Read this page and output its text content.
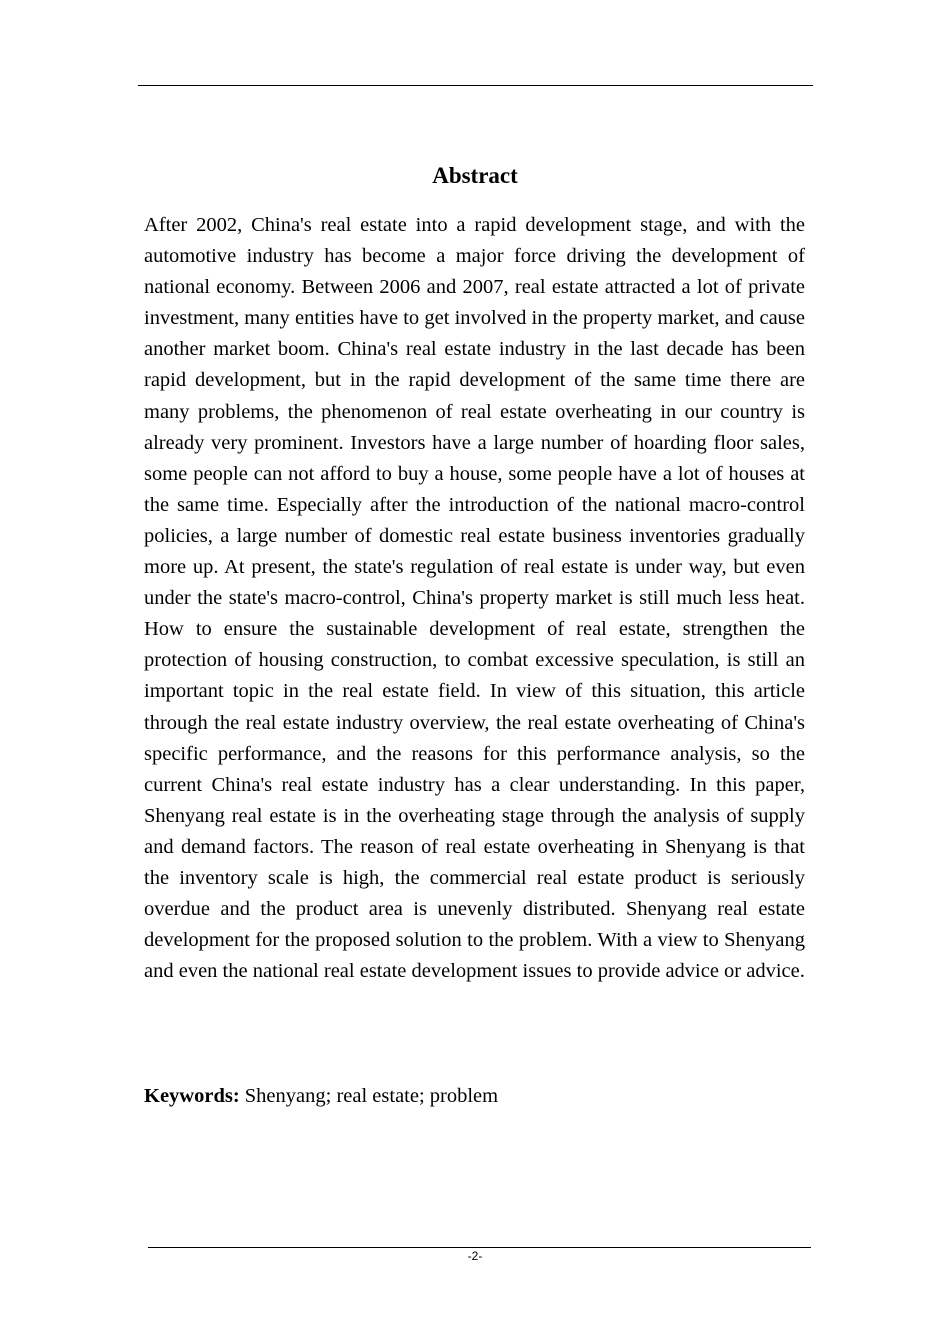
Abstract

After 2002, China's real estate into a rapid development stage, and with the automotive industry has become a major force driving the development of national economy. Between 2006 and 2007, real estate attracted a lot of private investment, many entities have to get involved in the property market, and cause another market boom. China's real estate industry in the last decade has been rapid development, but in the rapid development of the same time there are many problems, the phenomenon of real estate overheating in our country is already very prominent. Investors have a large number of hoarding floor sales, some people can not afford to buy a house, some people have a lot of houses at the same time. Especially after the introduction of the national macro-control policies, a large number of domestic real estate business inventories gradually more up. At present, the state's regulation of real estate is under way, but even under the state's macro-control, China's property market is still much less heat. How to ensure the sustainable development of real estate, strengthen the protection of housing construction, to combat excessive speculation, is still an important topic in the real estate field. In view of this situation, this article through the real estate industry overview, the real estate overheating of China's specific performance, and the reasons for this performance analysis, so the current China's real estate industry has a clear understanding. In this paper, Shenyang real estate is in the overheating stage through the analysis of supply and demand factors. The reason of real estate overheating in Shenyang is that the inventory scale is high, the commercial real estate product is seriously overdue and the product area is unevenly distributed. Shenyang real estate development for the proposed solution to the problem. With a view to Shenyang and even the national real estate development issues to provide advice or advice.

Keywords: Shenyang; real estate; problem

-2-
